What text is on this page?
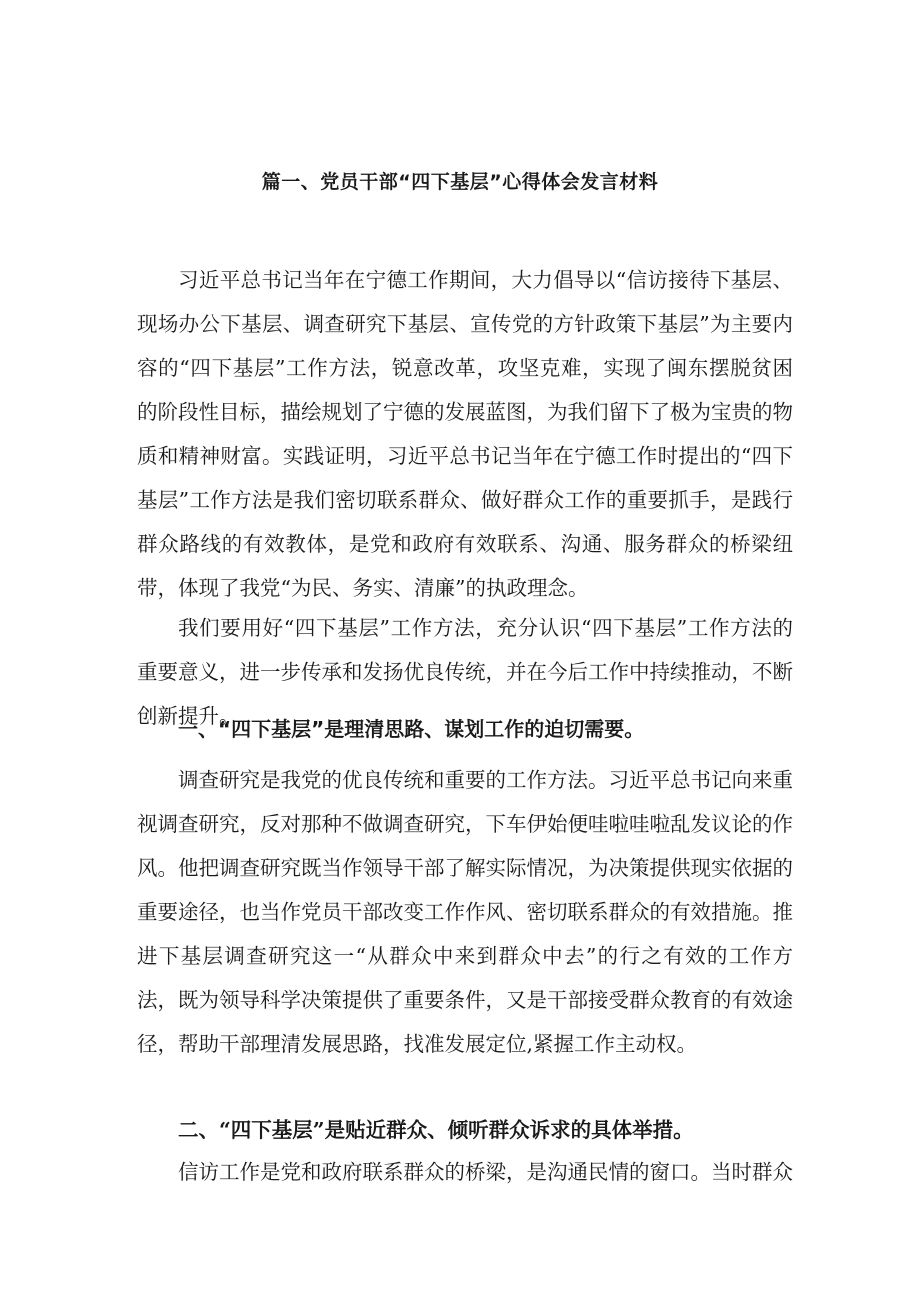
篇一、党员干部“四下基层”心得体会发言材料

习近平总书记当年在宁德工作期间，大力倡导以“信访接待下基层、现场办公下基层、调查研究下基层、宣传党的方针政策下基层”为主要内容的“四下基层”工作方法，锐意改革，攻坚克难，实现了闽东摆脱贫困的阶段性目标，描绘规划了宁德的发展蓝图，为我们留下了极为宝贵的物质和精神财富。实践证明，习近平总书记当年在宁德工作时提出的“四下基层”工作方法是我们密切联系群众、做好群众工作的重要抓手，是践行群众路线的有效教体，是党和政府有效联系、沟通、服务群众的桥梁纽带，体现了我党“为民、务实、清廉”的执政理念。

我们要用好“四下基层”工作方法，充分认识“四下基层”工作方法的重要意义，进一步传承和发扬优良传统，并在今后工作中持续推动，不断创新提升。

一、“四下基层”是理清思路、谋划工作的迫切需要。

调查研究是我党的优良传统和重要的工作方法。习近平总书记向来重视调查研究，反对那种不做调查研究，下车伊始便哇啦哇啦乱发议论的作风。他把调查研究既当作领导干部了解实际情况，为决策提供现实依据的重要途径，也当作党员干部改变工作作风、密切联系群众的有效措施。推进下基层调查研究这一“从群众中来到群众中去”的行之有效的工作方法，既为领导科学决策提供了重要条件，又是干部接受群众教育的有效途径，帮助干部理清发展思路，找准发展定位,紧握工作主动权。

二、“四下基层”是贴近群众、倾听群众诉求的具体举措。

信访工作是党和政府联系群众的桥梁，是沟通民情的窗口。当时群众
